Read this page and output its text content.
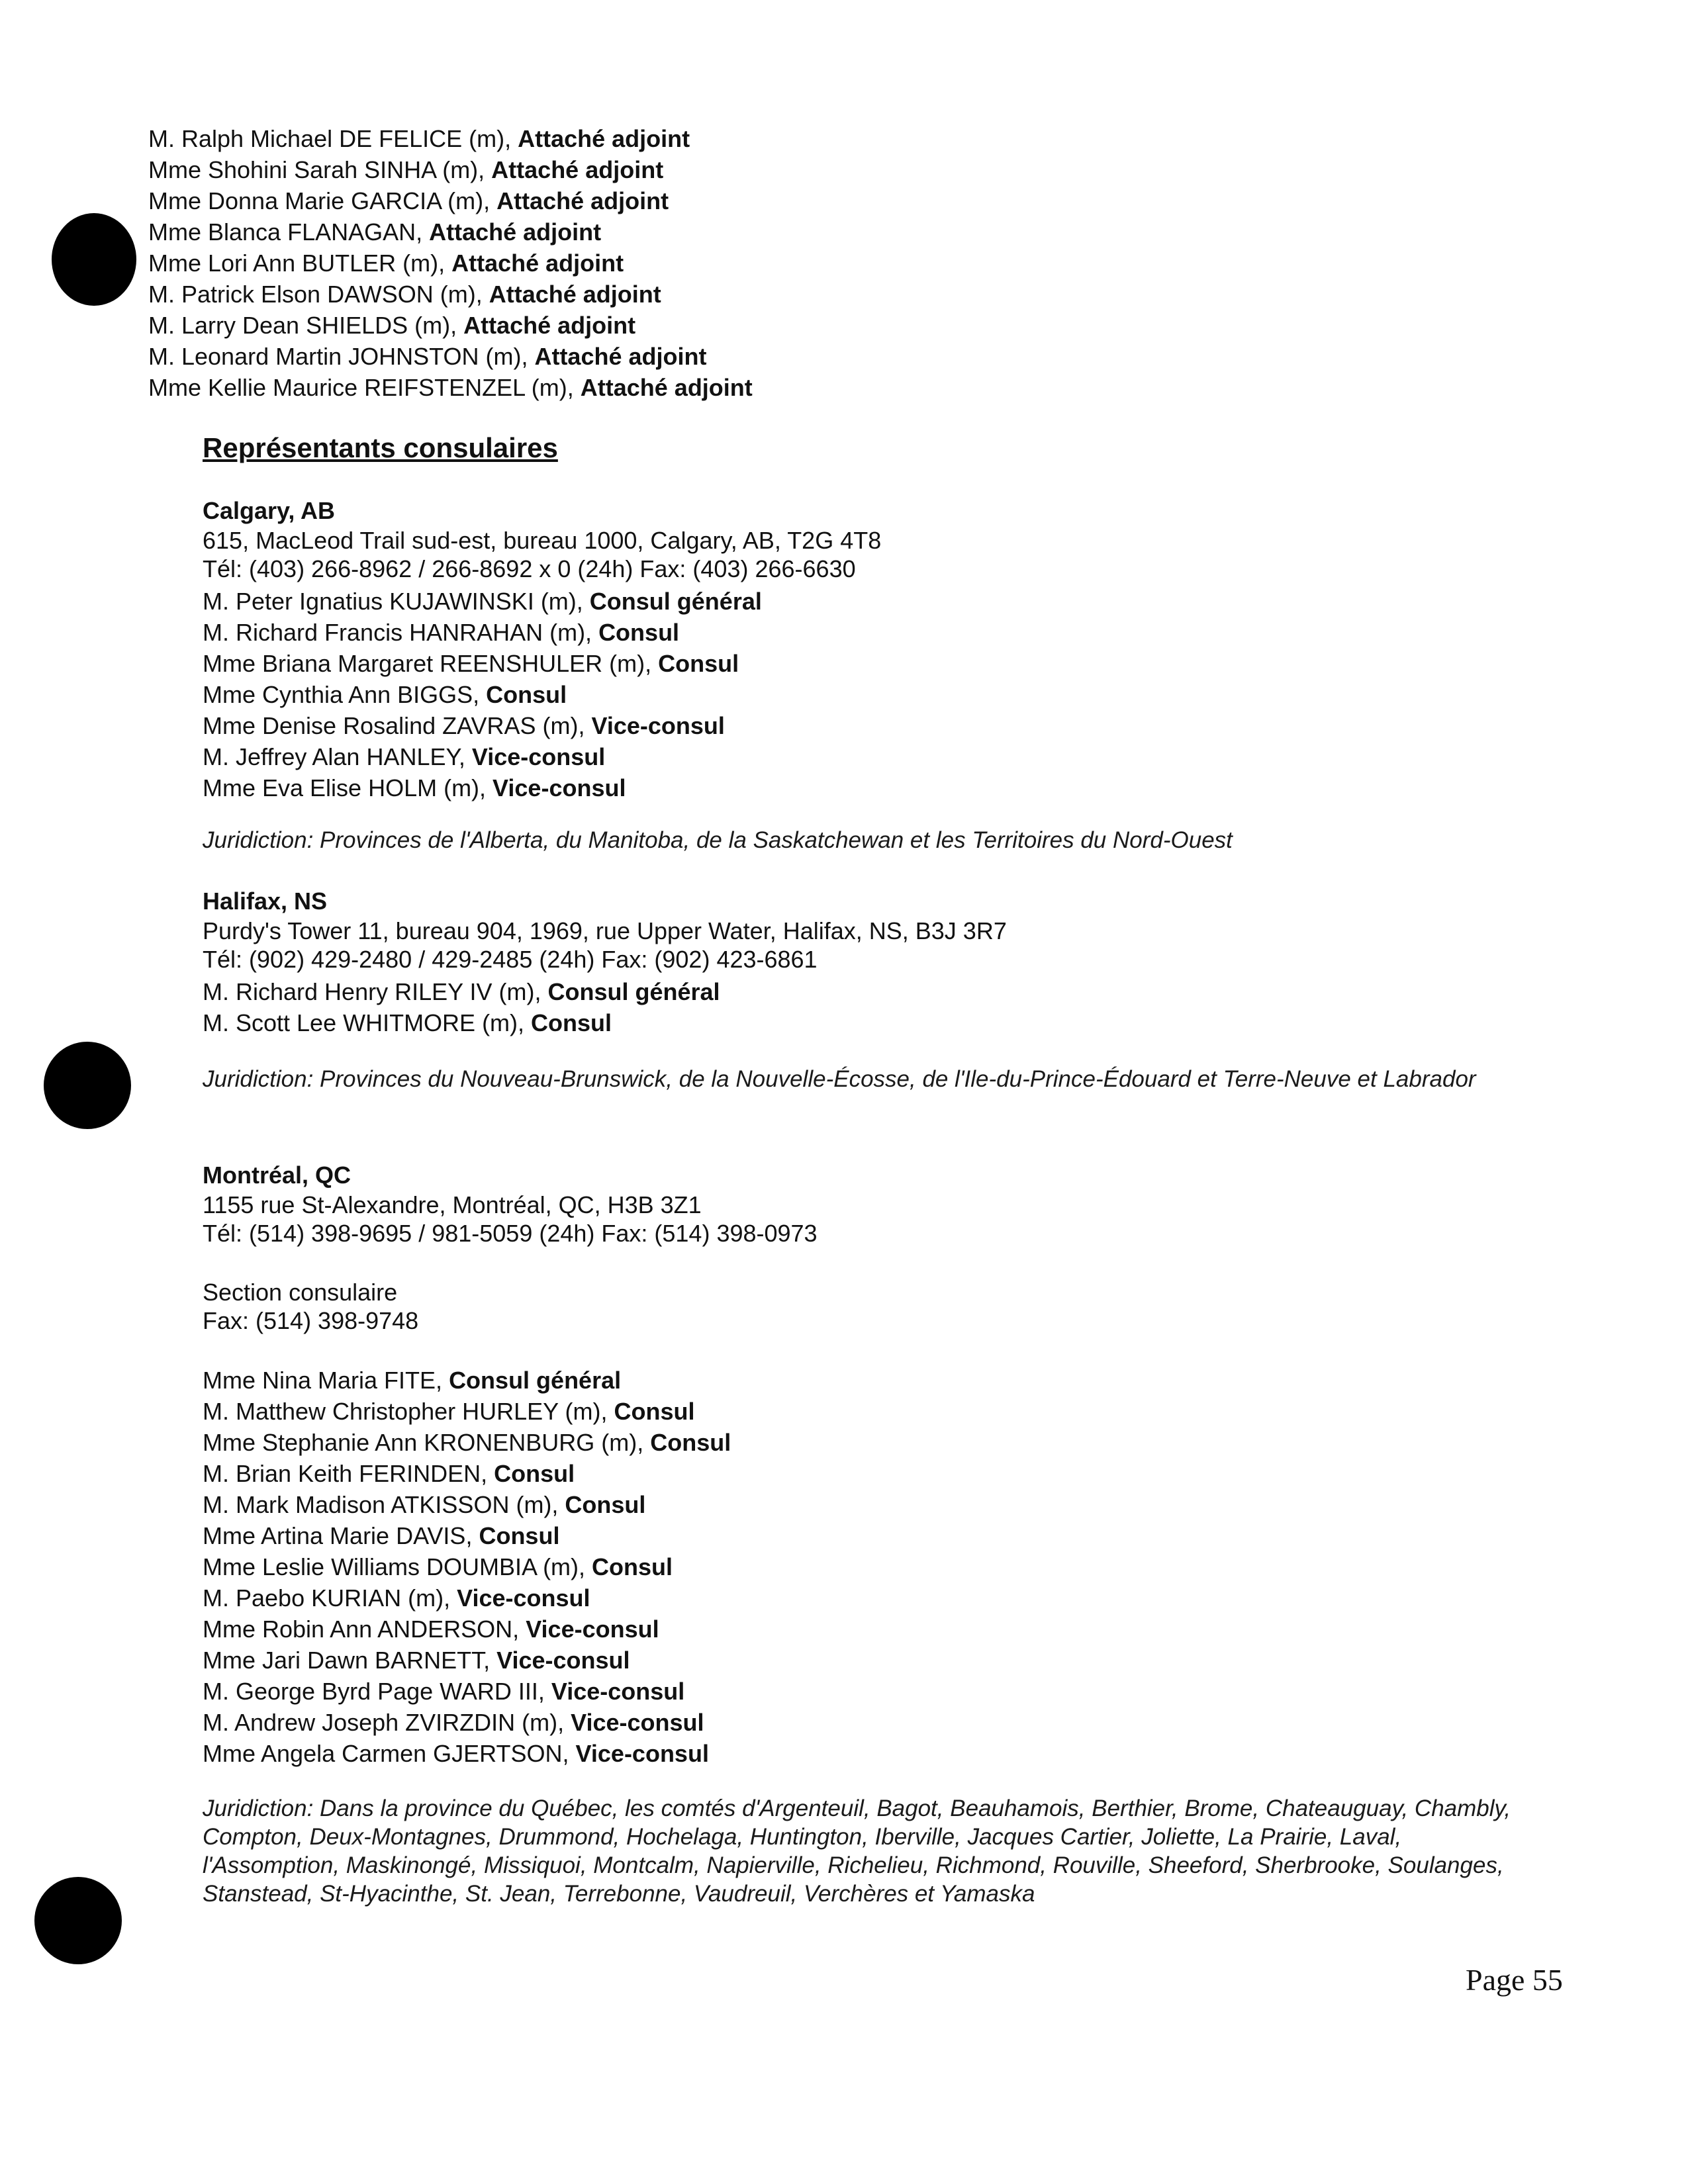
M. Ralph Michael DE FELICE (m), Attaché adjoint
Mme Shohini Sarah SINHA (m), Attaché adjoint
Mme Donna Marie GARCIA (m), Attaché adjoint
Mme Blanca FLANAGAN, Attaché adjoint
Mme Lori Ann BUTLER (m), Attaché adjoint
M. Patrick Elson DAWSON (m), Attaché adjoint
M. Larry Dean SHIELDS (m), Attaché adjoint
M. Leonard Martin JOHNSTON (m), Attaché adjoint
Mme Kellie Maurice REIFSTENZEL (m), Attaché adjoint
Représentants consulaires
Calgary, AB
615, MacLeod Trail sud-est, bureau 1000, Calgary, AB, T2G 4T8
Tél: (403) 266-8962 / 266-8692 x 0 (24h) Fax: (403) 266-6630
M. Peter Ignatius KUJAWINSKI (m), Consul général
M. Richard Francis HANRAHAN (m), Consul
Mme Briana Margaret REENSHULER (m), Consul
Mme Cynthia Ann BIGGS, Consul
Mme Denise Rosalind ZAVRAS (m), Vice-consul
M. Jeffrey Alan HANLEY, Vice-consul
Mme Eva Elise HOLM (m), Vice-consul
Juridiction: Provinces de l'Alberta, du Manitoba, de la Saskatchewan et les Territoires du Nord-Ouest
Halifax, NS
Purdy's Tower 11, bureau 904, 1969, rue Upper Water, Halifax, NS, B3J 3R7
Tél: (902) 429-2480 / 429-2485 (24h) Fax: (902) 423-6861
M. Richard Henry RILEY IV (m), Consul général
M. Scott Lee WHITMORE (m), Consul
Juridiction: Provinces du Nouveau-Brunswick, de la Nouvelle-Écosse, de l'Ile-du-Prince-Édouard et Terre-Neuve et Labrador
Montréal, QC
1155 rue St-Alexandre, Montréal, QC, H3B 3Z1
Tél: (514) 398-9695 / 981-5059 (24h) Fax: (514) 398-0973
Section consulaire
Fax: (514) 398-9748
Mme Nina Maria FITE, Consul général
M. Matthew Christopher HURLEY (m), Consul
Mme Stephanie Ann KRONENBURG (m), Consul
M. Brian Keith FERINDEN, Consul
M. Mark Madison ATKISSON (m), Consul
Mme Artina Marie DAVIS, Consul
Mme Leslie Williams DOUMBIA (m), Consul
M. Paebo KURIAN (m), Vice-consul
Mme Robin Ann ANDERSON, Vice-consul
Mme Jari Dawn BARNETT, Vice-consul
M. George Byrd Page WARD III, Vice-consul
M. Andrew Joseph ZVIRZDIN (m), Vice-consul
Mme Angela Carmen GJERTSON, Vice-consul
Juridiction: Dans la province du Québec, les comtés d'Argenteuil, Bagot, Beauhamois, Berthier, Brome, Chateauguay, Chambly, Compton, Deux-Montagnes, Drummond, Hochelaga, Huntington, Iberville, Jacques Cartier, Joliette, La Prairie, Laval, l'Assomption, Maskinongé, Missiquoi, Montcalm, Napierville, Richelieu, Richmond, Rouville, Sheeford, Sherbrooke, Soulanges, Stanstead, St-Hyacinthe, St. Jean, Terrebonne, Vaudreuil, Verchères et Yamaska
Page 55
